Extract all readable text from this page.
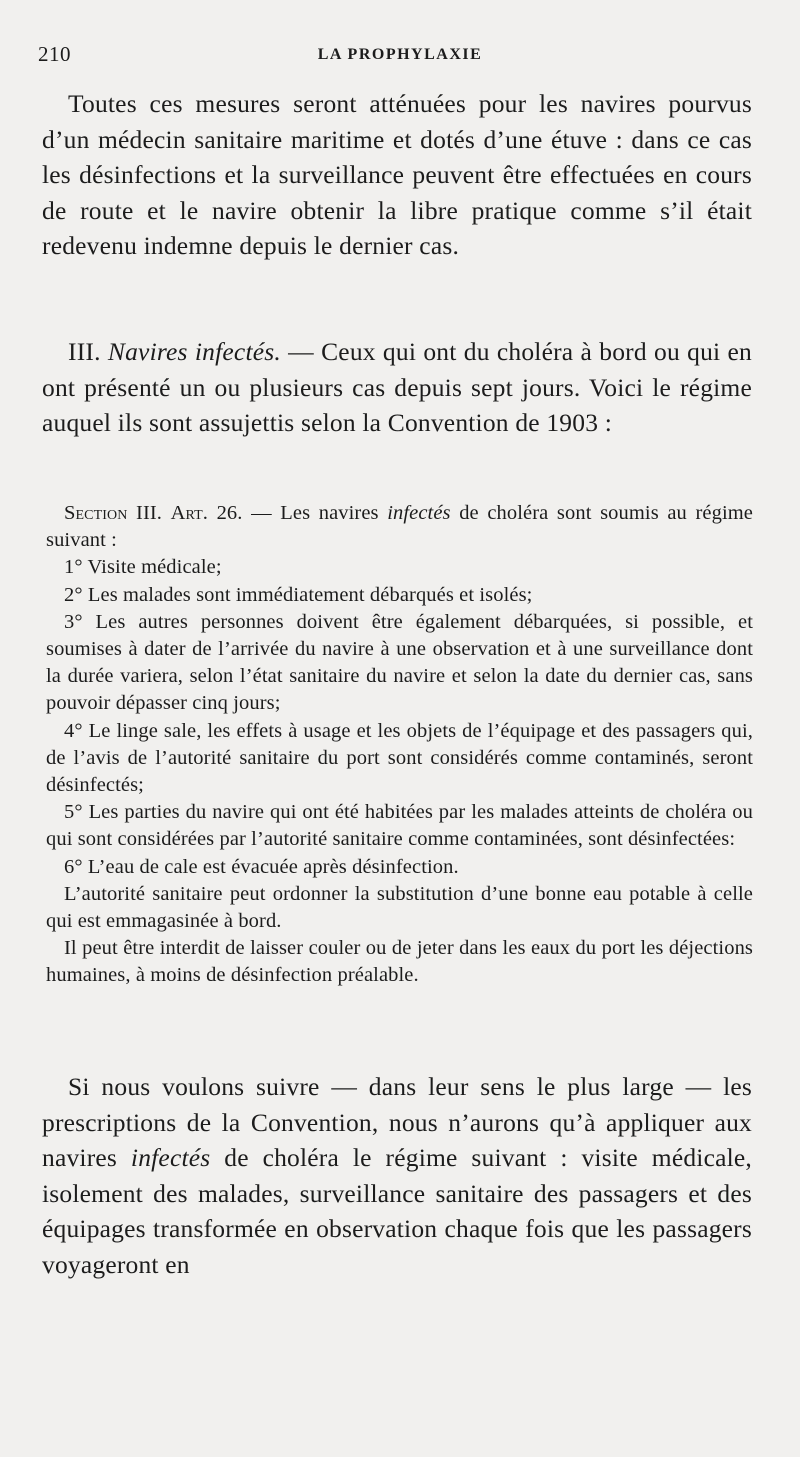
210	LA PROPHYLAXIE

Toutes ces mesures seront atténuées pour les navires pourvus d’un médecin sanitaire maritime et dotés d’une étuve : dans ce cas les désinfections et la surveillance peuvent être effectuées en cours de route et le navire obtenir la libre pratique comme s’il était redevenu indemne depuis le dernier cas.

III. Navires infectés. — Ceux qui ont du choléra à bord ou qui en ont présenté un ou plusieurs cas depuis sept jours. Voici le régime auquel ils sont assujettis selon la Convention de 1903 :

Section III. Art. 26. — Les navires infectés de choléra sont soumis au régime suivant :

1° Visite médicale;

2° Les malades sont immédiatement débarqués et isolés;

3° Les autres personnes doivent être également débarquées, si possible, et soumises à dater de l’arrivée du navire à une observation et à une surveillance dont la durée variera, selon l’état sanitaire du navire et selon la date du dernier cas, sans pouvoir dépasser cinq jours;

4° Le linge sale, les effets à usage et les objets de l’équipage et des passagers qui, de l’avis de l’autorité sanitaire du port sont considérés comme contaminés, seront désinfectés;

5° Les parties du navire qui ont été habitées par les malades atteints de choléra ou qui sont considérées par l’autorité sanitaire comme contaminées, sont désinfectées:

6° L’eau de cale est évacuée après désinfection.

L’autorité sanitaire peut ordonner la substitution d’une bonne eau potable à celle qui est emmagasinée à bord.

Il peut être interdit de laisser couler ou de jeter dans les eaux du port les déjections humaines, à moins de désinfection préalable.

Si nous voulons suivre — dans leur sens le plus large — les prescriptions de la Convention, nous n’aurons qu’à appliquer aux navires infectés de choléra le régime suivant : visite médicale, isolement des malades, surveillance sanitaire des passagers et des équipages transformée en observation chaque fois que les passagers voyageront en
